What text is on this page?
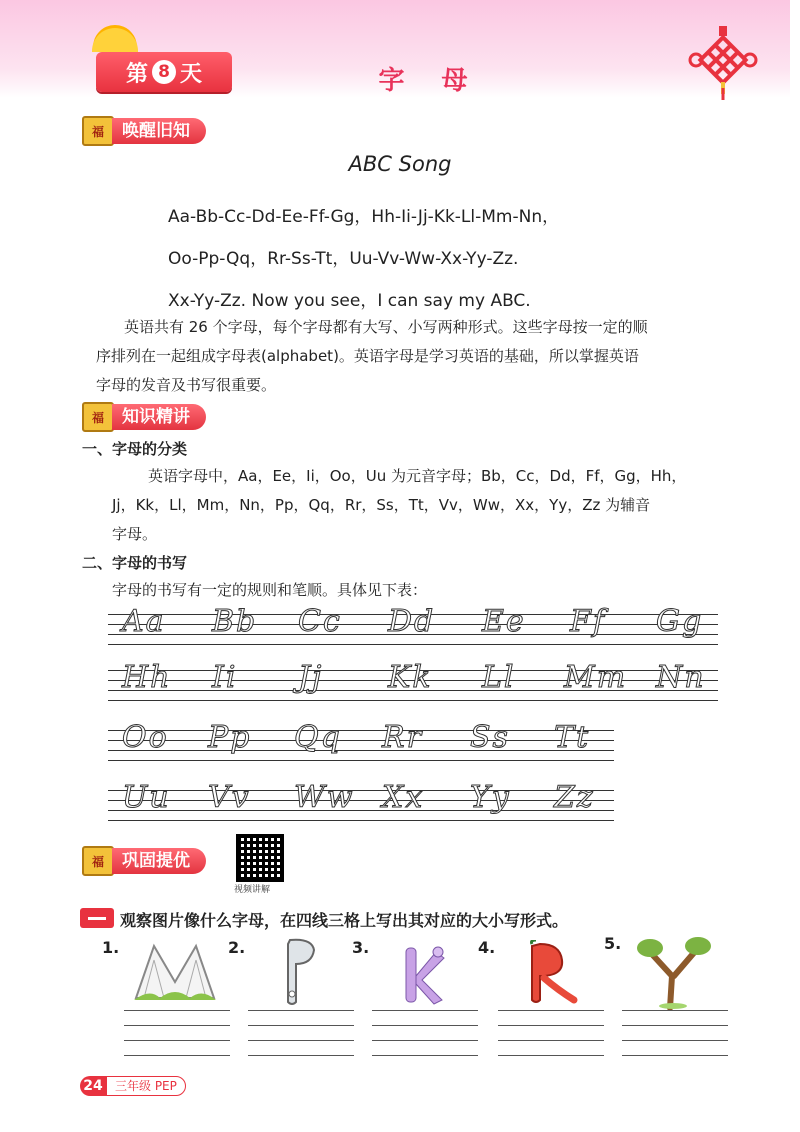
第 8 天	字 母
福	唤醒旧知
ABC Song
Aa-Bb-Cc-Dd-Ee-Ff-Gg，Hh-Ii-Jj-Kk-Ll-Mm-Nn，
Oo-Pp-Qq，Rr-Ss-Tt，Uu-Vv-Ww-Xx-Yy-Zz.
Xx-Yy-Zz. Now you see，I can say my ABC.
英语共有 26 个字母，每个字母都有大写、小写两种形式。这些字母按一定的顺
序排列在一起组成字母表(alphabet)。英语字母是学习英语的基础，所以掌握英语
字母的发音及书写很重要。
福	知识精讲
一、字母的分类
英语字母中，Aa，Ee，Ii，Oo，Uu 为元音字母；Bb，Cc，Dd，Ff，Gg，Hh，
Jj，Kk，Ll，Mm，Nn，Pp，Qq，Rr，Ss，Tt，Vv，Ww，Xx，Yy，Zz 为辅音
字母。
二、字母的书写
字母的书写有一定的规则和笔顺。具体见下表：
Aa Bb Cc Dd Ee Ff Gg
Hh Ii Jj Kk Ll Mm Nn
Oo Pp Qq Rr Ss Tt
Uu Vv Ww Xx Yy Zz
福	巩固提优
视频讲解
观察图片像什么字母，在四线三格上写出其对应的大小写形式。
1.	2.	3.	4.	5.
24	三年级 PEP
